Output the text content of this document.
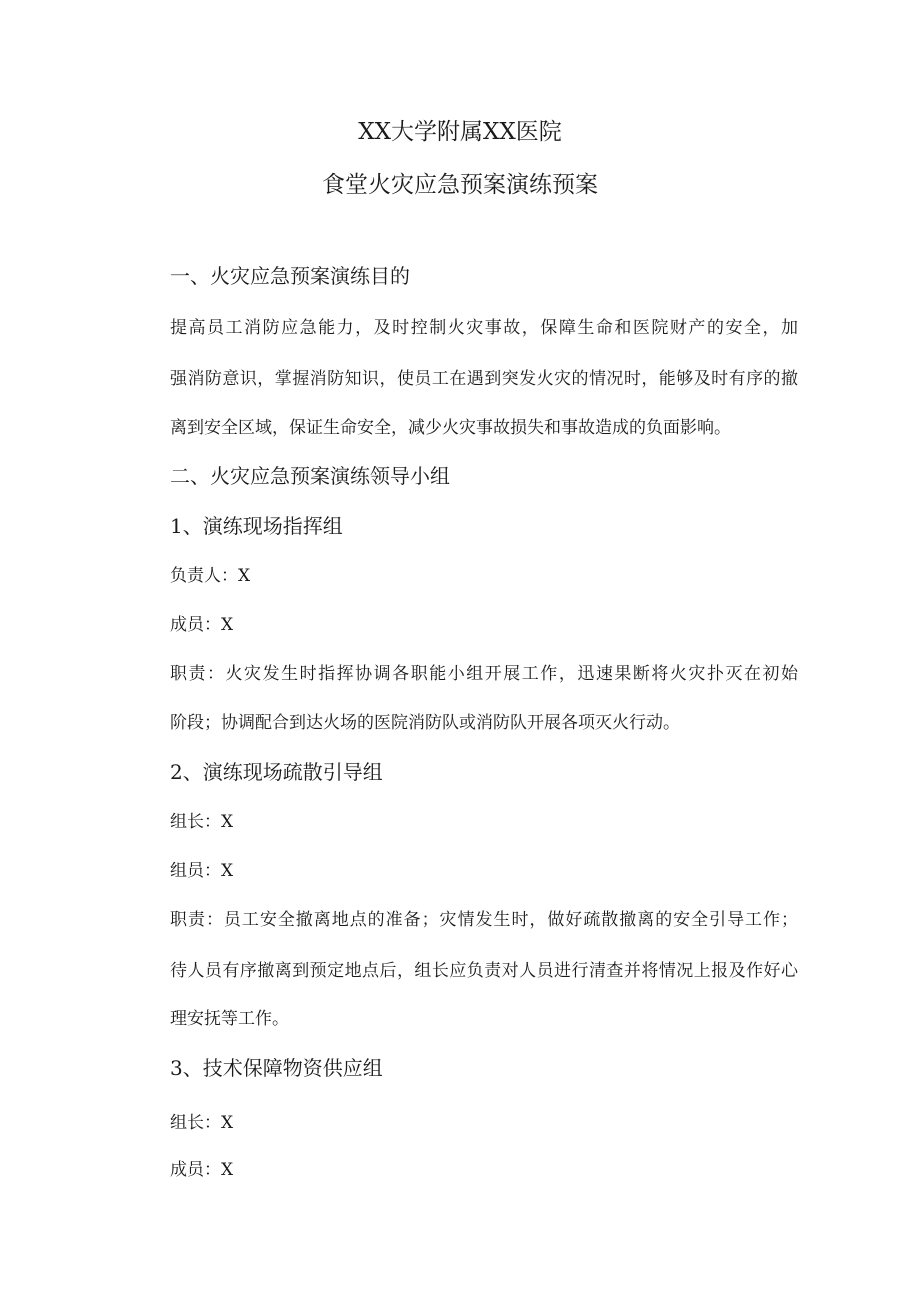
XX大学附属XX医院
食堂火灾应急预案演练预案
一、火灾应急预案演练目的
提高员工消防应急能力，及时控制火灾事故，保障生命和医院财产的安全，加
强消防意识，掌握消防知识，使员工在遇到突发火灾的情况时，能够及时有序的撤
离到安全区域，保证生命安全，减少火灾事故损失和事故造成的负面影响。
二、火灾应急预案演练领导小组
1、演练现场指挥组
负责人：X
成员：X
职责：火灾发生时指挥协调各职能小组开展工作，迅速果断将火灾扑灭在初始
阶段；协调配合到达火场的医院消防队或消防队开展各项灭火行动。
2、演练现场疏散引导组
组长：X
组员：X
职责：员工安全撤离地点的准备；灾情发生时，做好疏散撤离的安全引导工作；
待人员有序撤离到预定地点后，组长应负责对人员进行清查并将情况上报及作好心
理安抚等工作。
3、技术保障物资供应组
组长：X
成员：X
